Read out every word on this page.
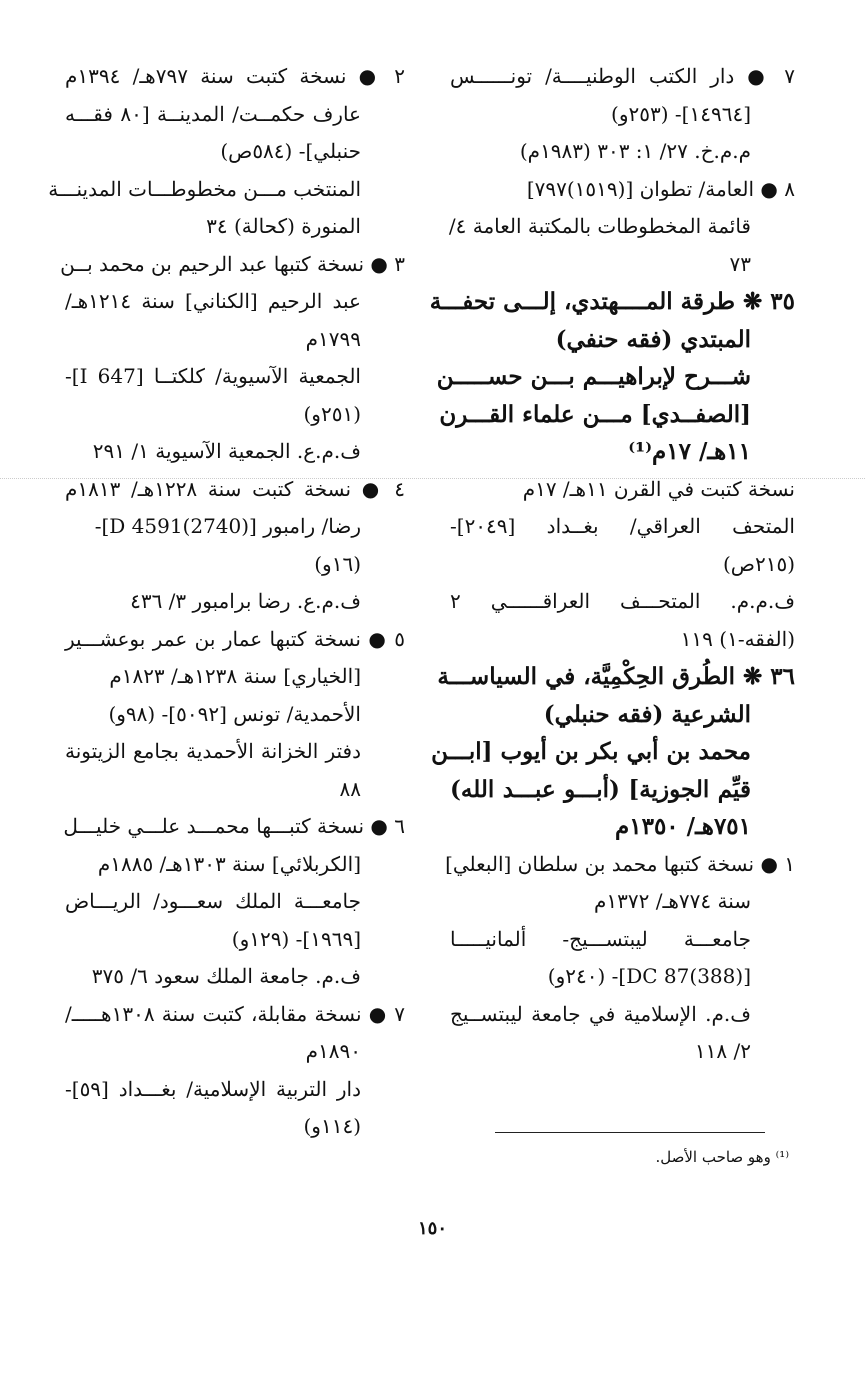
٧ ● دار الكتب الوطنيــــة/ تونــــــس
[١٤٩٦٤]- (٢٥٣و)
م.م.خ. ٢٧/ ١: ٣٠٣ (١٩٨٣م)
٨ ● العامة/ تطوان [(١٥١٩)٧٩٧]
قائمة المخطوطات بالمكتبة العامة ٤/
٧٣
٣٥ ❋ طرقة المــــهتدي، إلـــى تحفـــة
المبتدي (فقه حنفي)
شـــرح لإبراهيـــم بـــن حســـــن
[الصفــدي] مـــن علماء القـــرن
١١هـ/ ١٧م⁽¹⁾
نسخة كتبت في القرن ١١هـ/ ١٧م
المتحف العراقي/ بغــداد [٢٠٤٩]-
(٢١٥ص)
ف.م.م. المتحـــف العراقــــــي ٢
(الفقه-١) ١١٩
٣٦ ❋ الطُرق الحِكْمِيَّة، في السياســـة
الشرعية (فقه حنبلي)
محمد بن أبي بكر بن أيوب [ابـــن
قيِّم الجوزية] (أبـــو عبـــد الله)
٧٥١هـ/ ١٣٥٠م
١ ● نسخة كتبها محمد بن سلطان [البعلي]
سنة ٧٧٤هـ/ ١٣٧٢م
جامعـــة ليبتســـيج- ألمانيـــــا
[(388)DC 87]- (٢٤٠و)
ف.م. الإسلامية في جامعة ليبتســيج
٢/ ١١٨
٢ ● نسخة كتبت سنة ٧٩٧هـ/ ١٣٩٤م
عارف حكمــت/ المدينــة [٨٠ فقـــه
حنبلي]- (٥٨٤ص)
المنتخب مـــن مخطوطـــات المدينـــة
المنورة (كحالة) ٣٤
٣ ● نسخة كتبها عبد الرحيم بن محمد بــن
عبد الرحيم [الكناني] سنة ١٢١٤هـ/
١٧٩٩م
الجمعية الآسيوية/ كلكتــا [I 647]-
(٢٥١و)
ف.م.ع. الجمعية الآسيوية ١/ ٢٩١
٤ ● نسخة كتبت سنة ١٢٢٨هـ/ ١٨١٣م
رضا/ رامبور [D 4591(2740)]-
(١٦و)
ف.م.ع. رضا برامبور ٣/ ٤٣٦
٥ ● نسخة كتبها عمار بن عمر بوعشـــير
[الخياري] سنة ١٢٣٨هـ/ ١٨٢٣م
الأحمدية/ تونس [٥٠٩٢]- (٩٨و)
دفتر الخزانة الأحمدية بجامع الزيتونة
٨٨
٦ ● نسخة كتبـــها محمـــد علـــي خليـــل
[الكربلائي] سنة ١٣٠٣هـ/ ١٨٨٥م
جامعـــة الملك سعـــود/ الريـــاض
[١٩٦٩]- (١٢٩و)
ف.م. جامعة الملك سعود ٦/ ٣٧٥
٧ ● نسخة مقابلة، كتبت سنة ١٣٠٨هـــــ/
١٨٩٠م
دار التربية الإسلامية/ بغـــداد [٥٩]-
(١١٤و)
⁽¹⁾ وهو صاحب الأصل.
١٥٠
